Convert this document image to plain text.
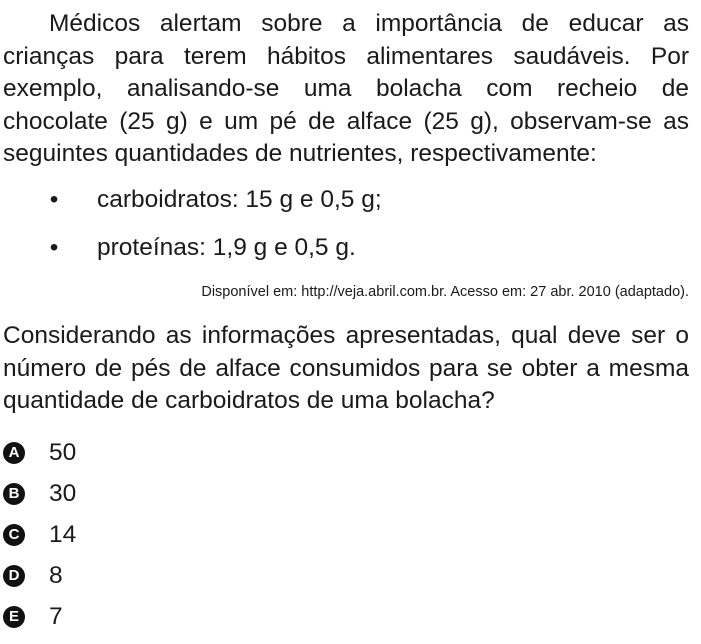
Médicos alertam sobre a importância de educar as crianças para terem hábitos alimentares saudáveis. Por exemplo, analisando-se uma bolacha com recheio de chocolate (25 g) e um pé de alface (25 g), observam-se as seguintes quantidades de nutrientes, respectivamente:

• carboidratos: 15 g e 0,5 g;
• proteínas: 1,9 g e 0,5 g.
Disponível em: http://veja.abril.com.br. Acesso em: 27 abr. 2010 (adaptado).

Considerando as informações apresentadas, qual deve ser o número de pés de alface consumidos para se obter a mesma quantidade de carboidratos de uma bolacha?

A 50
B 30
C 14
D 8
E 7
